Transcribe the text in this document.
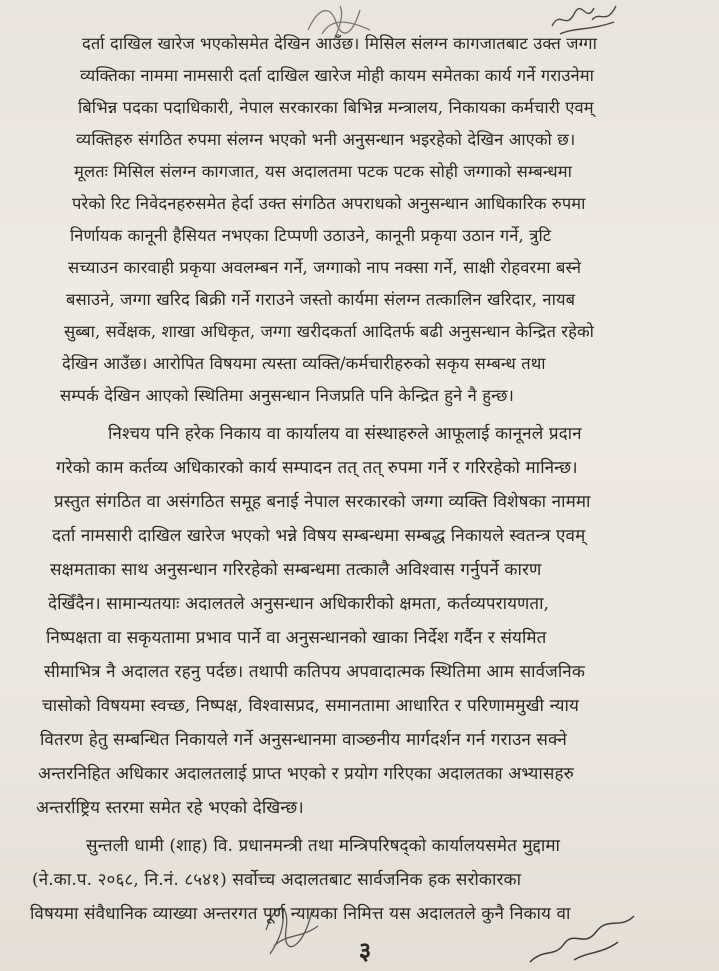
दर्ता दाखिल खारेज भएकोसमेत देखिन आउँछ। मिसिल संलग्न कागजातबाट उक्त जग्गा
व्यक्तिका नाममा नामसारी दर्ता दाखिल खारेज मोही कायम समेतका कार्य गर्ने गराउनेमा
बिभिन्न पदका पदाधिकारी, नेपाल सरकारका बिभिन्न मन्त्रालय, निकायका कर्मचारी एवम्
व्यक्तिहरु संगठित रुपमा संलग्न भएको भनी अनुसन्धान भइरहेको देखिन आएको छ।
मूलतः मिसिल संलग्न कागजात, यस अदालतमा पटक पटक सोही जग्गाको सम्बन्धमा
परेको रिट निवेदनहरुसमेत हेर्दा उक्त संगठित अपराधको अनुसन्धान आधिकारिक रुपमा
निर्णायक कानूनी हैसियत नभएका टिप्पणी उठाउने, कानूनी प्रकृया उठान गर्ने, त्रुटि
सच्याउन कारवाही प्रकृया अवलम्बन गर्ने, जग्गाको नाप नक्सा गर्ने, साक्षी रोहवरमा बस्ने
बसाउने, जग्गा खरिद बिक्री गर्ने गराउने जस्तो कार्यमा संलग्न तत्कालिन खरिदार, नायब
सुब्बा, सर्वेक्षक, शाखा अधिकृत, जग्गा खरीदकर्ता आदितर्फ बढी अनुसन्धान केन्द्रित रहेको
देखिन आउँछ। आरोपित विषयमा त्यस्ता व्यक्ति/कर्मचारीहरुको सकृय सम्बन्ध तथा
सम्पर्क देखिन आएको स्थितिमा अनुसन्धान निजप्रति पनि केन्द्रित हुने नै हुन्छ।
निश्चय पनि हरेक निकाय वा कार्यालय वा संस्थाहरुले आफूलाई कानूनले प्रदान
गरेको काम कर्तव्य अधिकारको कार्य सम्पादन तत् तत् रुपमा गर्ने र गरिरहेको मानिन्छ।
प्रस्तुत संगठित वा असंगठित समूह बनाई नेपाल सरकारको जग्गा व्यक्ति विशेषका नाममा
दर्ता नामसारी दाखिल खारेज भएको भन्ने विषय सम्बन्धमा सम्बद्ध निकायले स्वतन्त्र एवम्
सक्षमताका साथ अनुसन्धान गरिरहेको सम्बन्धमा तत्कालै अविश्वास गर्नुपर्ने कारण
देखिँदैन। सामान्यतयाः अदालतले अनुसन्धान अधिकारीको क्षमता, कर्तव्यपरायणता,
निष्पक्षता वा सकृयतामा प्रभाव पार्ने वा अनुसन्धानको खाका निर्देश गर्दैन र संयमित
सीमाभित्र नै अदालत रहनु पर्दछ। तथापी कतिपय अपवादात्मक स्थितिमा आम सार्वजनिक
चासोको विषयमा स्वच्छ, निष्पक्ष, विश्वासप्रद, समानतामा आधारित र परिणाममुखी न्याय
वितरण हेतु सम्बन्धित निकायले गर्ने अनुसन्धानमा वाञ्छनीय मार्गदर्शन गर्न गराउन सक्ने
अन्तरनिहित अधिकार अदालतलाई प्राप्त भएको र प्रयोग गरिएका अदालतका अभ्यासहरु
अन्तर्राष्ट्रिय स्तरमा समेत रहे भएको देखिन्छ।
सुन्तली धामी (शाह) वि. प्रधानमन्त्री तथा मन्त्रिपरिषद्को कार्यालयसमेत मुद्दामा
(ने.का.प. २०६८, नि.नं. ८५४१) सर्वोच्च अदालतबाट सार्वजनिक हक सरोकारका
विषयमा संवैधानिक व्याख्या अन्तरगत पूर्ण न्यायका निमित्त यस अदालतले कुनै निकाय वा
३
